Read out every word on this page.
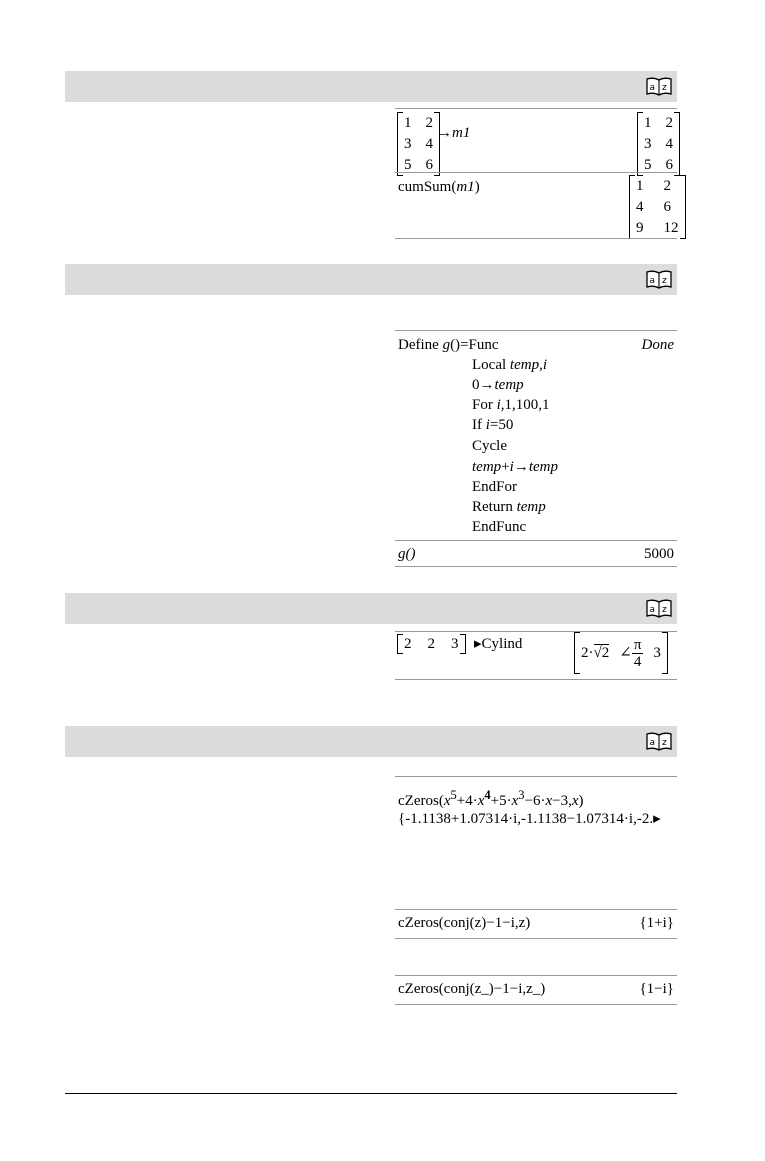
a z
a z
a z
a z
1 2
3 4
5 6
→m1
1 2
3 4
5 6
cumSum(m1)	1 2
4 6
9 12
Define g()=Func	Done
Local temp,i
0→temp
For i,1,100,1
If i=50
Cycle
temp+i→temp
EndFor
Return temp
EndFunc
g()	5000
2 2 3 ▸Cylind
2·√2 ∠ $\frac{\pi}{4} 3$
$cZeros(x^5+4\cdot x^4+5\cdot x^3-6\cdot x-3,x)$
{-1.1138+1.07314·i,-1.1138−1.07314·i,-2.▸
cZeros(conj(z)−1−i,z)	{1+i}
cZeros(conj(z_)−1−i,z_)	{1−i}
